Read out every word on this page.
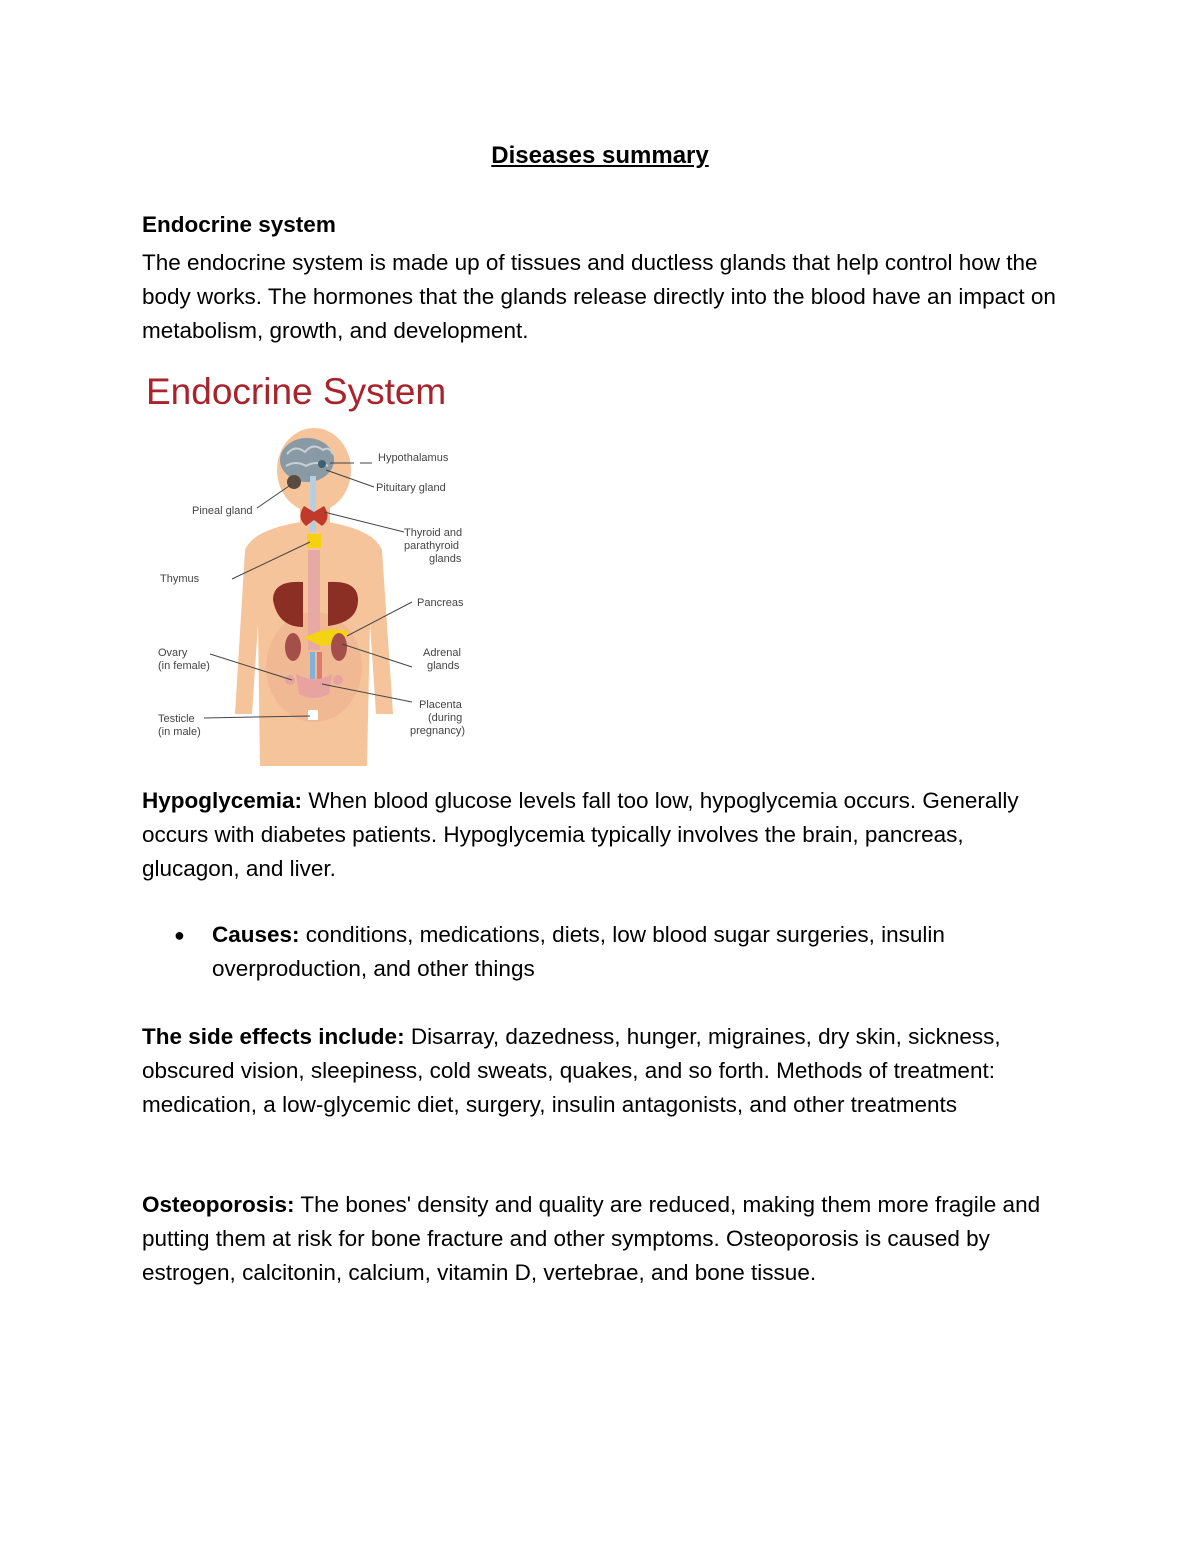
Diseases summary
Endocrine system

The endocrine system is made up of tissues and ductless glands that help control how the body works. The hormones that the glands release directly into the blood have an impact on metabolism, growth, and development.

Endocrine System
Hypothalamus
Pituitary gland
Pineal gland
Thyroid and
parathyroid
glands
Thymus
Pancreas
Ovary
(in female)
Adrenal
glands
Placenta
(during
pregnancy)
Testicle
(in male)

Hypoglycemia: When blood glucose levels fall too low, hypoglycemia occurs. Generally occurs with diabetes patients. Hypoglycemia typically involves the brain, pancreas, glucagon, and liver.

● Causes: conditions, medications, diets, low blood sugar surgeries, insulin overproduction, and other things

The side effects include: Disarray, dazedness, hunger, migraines, dry skin, sickness, obscured vision, sleepiness, cold sweats, quakes, and so forth. Methods of treatment: medication, a low-glycemic diet, surgery, insulin antagonists, and other treatments

Osteoporosis: The bones' density and quality are reduced, making them more fragile and putting them at risk for bone fracture and other symptoms. Osteoporosis is caused by estrogen, calcitonin, calcium, vitamin D, vertebrae, and bone tissue.
